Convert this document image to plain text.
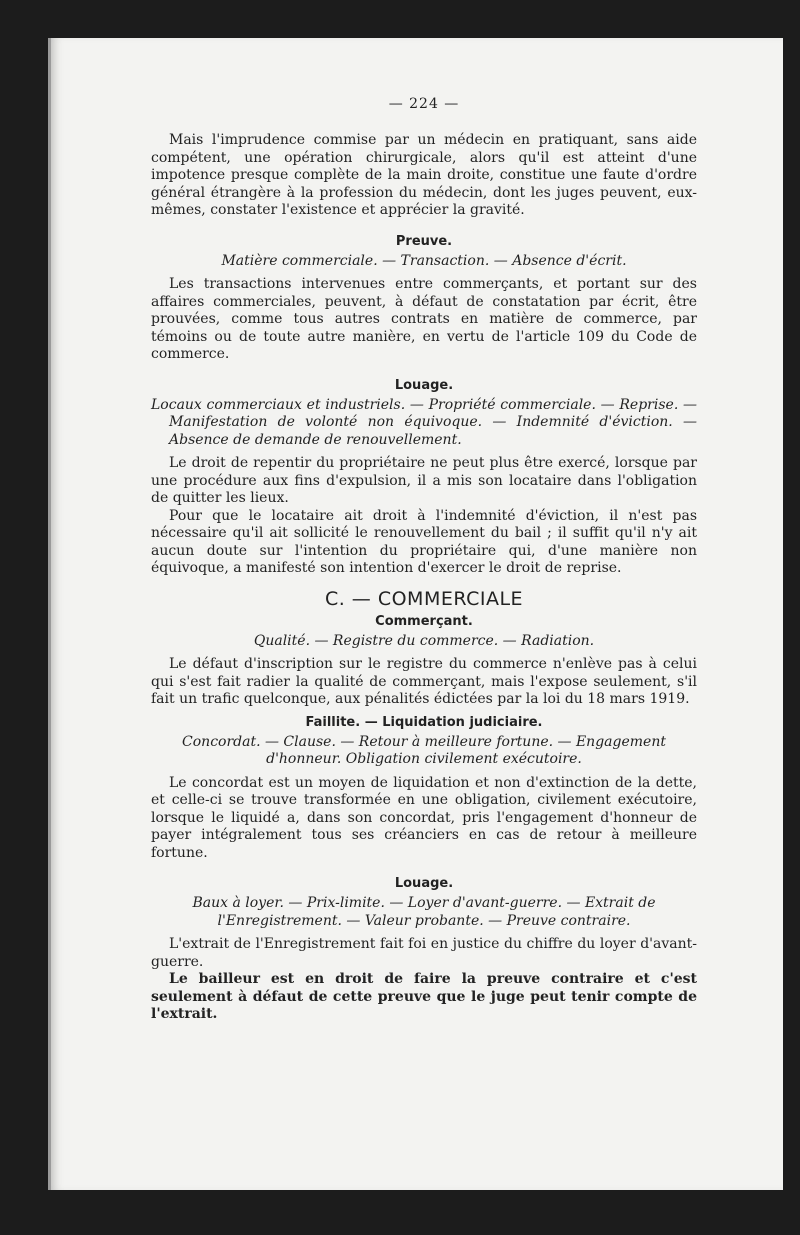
— 224 —

Mais l'imprudence commise par un médecin en pratiquant, sans aide compétent, une opération chirurgicale, alors qu'il est atteint d'une impotence presque complète de la main droite, constitue une faute d'ordre général étrangère à la profession du médecin, dont les juges peuvent, eux-mêmes, constater l'existence et apprécier la gravité.

Preuve.
Matière commerciale. — Transaction. — Absence d'écrit.

Les transactions intervenues entre commerçants, et portant sur des affaires commerciales, peuvent, à défaut de constatation par écrit, être prouvées, comme tous autres contrats en matière de commerce, par témoins ou de toute autre manière, en vertu de l'article 109 du Code de commerce.

Louage.
Locaux commerciaux et industriels. — Propriété commerciale. — Reprise. — Manifestation de volonté non équivoque. — Indemnité d'éviction. — Absence de demande de renouvellement.

Le droit de repentir du propriétaire ne peut plus être exercé, lorsque par une procédure aux fins d'expulsion, il a mis son locataire dans l'obligation de quitter les lieux.

Pour que le locataire ait droit à l'indemnité d'éviction, il n'est pas nécessaire qu'il ait sollicité le renouvellement du bail ; il suffit qu'il n'y ait aucun doute sur l'intention du propriétaire qui, d'une manière non équivoque, a manifesté son intention d'exercer le droit de reprise.

C. — COMMERCIALE
Commerçant.
Qualité. — Registre du commerce. — Radiation.

Le défaut d'inscription sur le registre du commerce n'enlève pas à celui qui s'est fait radier la qualité de commerçant, mais l'expose seulement, s'il fait un trafic quelconque, aux pénalités édictées par la loi du 18 mars 1919.

Faillite. — Liquidation judiciaire.
Concordat. — Clause. — Retour à meilleure fortune. — Engagement d'honneur. Obligation civilement exécutoire.

Le concordat est un moyen de liquidation et non d'extinction de la dette, et celle-ci se trouve transformée en une obligation, civilement exécutoire, lorsque le liquidé a, dans son concordat, pris l'engagement d'honneur de payer intégralement tous ses créanciers en cas de retour à meilleure fortune.

Louage.
Baux à loyer. — Prix-limite. — Loyer d'avant-guerre. — Extrait de l'Enregistrement. — Valeur probante. — Preuve contraire.

L'extrait de l'Enregistrement fait foi en justice du chiffre du loyer d'avant-guerre.

Le bailleur est en droit de faire la preuve contraire et c'est seulement à défaut de cette preuve que le juge peut tenir compte de l'extrait.
